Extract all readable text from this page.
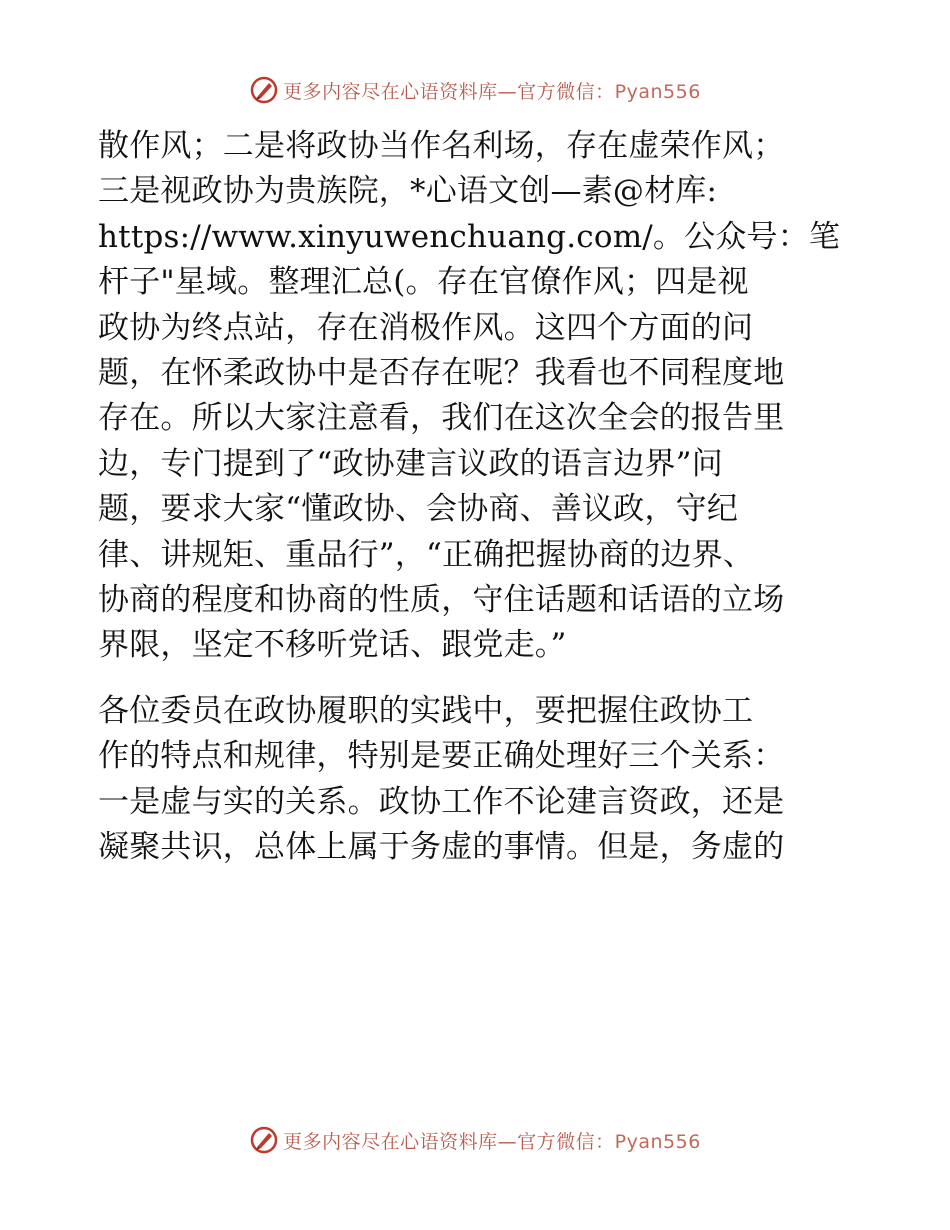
更多内容尽在心语资料库—官方微信：Pyan556

散作风；二是将政协当作名利场，存在虚荣作风；
三是视政协为贵族院，*心语文创—素@材库:
https://www.xinyuwenchuang.com/。公众号：笔
杆子"星域。整理汇总(。存在官僚作风；四是视
政协为终点站，存在消极作风。这四个方面的问
题，在怀柔政协中是否存在呢？我看也不同程度地
存在。所以大家注意看，我们在这次全会的报告里
边，专门提到了“政协建言议政的语言边界”问
题，要求大家“懂政协、会协商、善议政，守纪
律、讲规矩、重品行”，“正确把握协商的边界、
协商的程度和协商的性质，守住话题和话语的立场
界限，坚定不移听党话、跟党走。”

各位委员在政协履职的实践中，要把握住政协工
作的特点和规律，特别是要正确处理好三个关系：
一是虚与实的关系。政协工作不论建言资政，还是
凝聚共识，总体上属于务虚的事情。但是，务虚的

更多内容尽在心语资料库—官方微信：Pyan556
